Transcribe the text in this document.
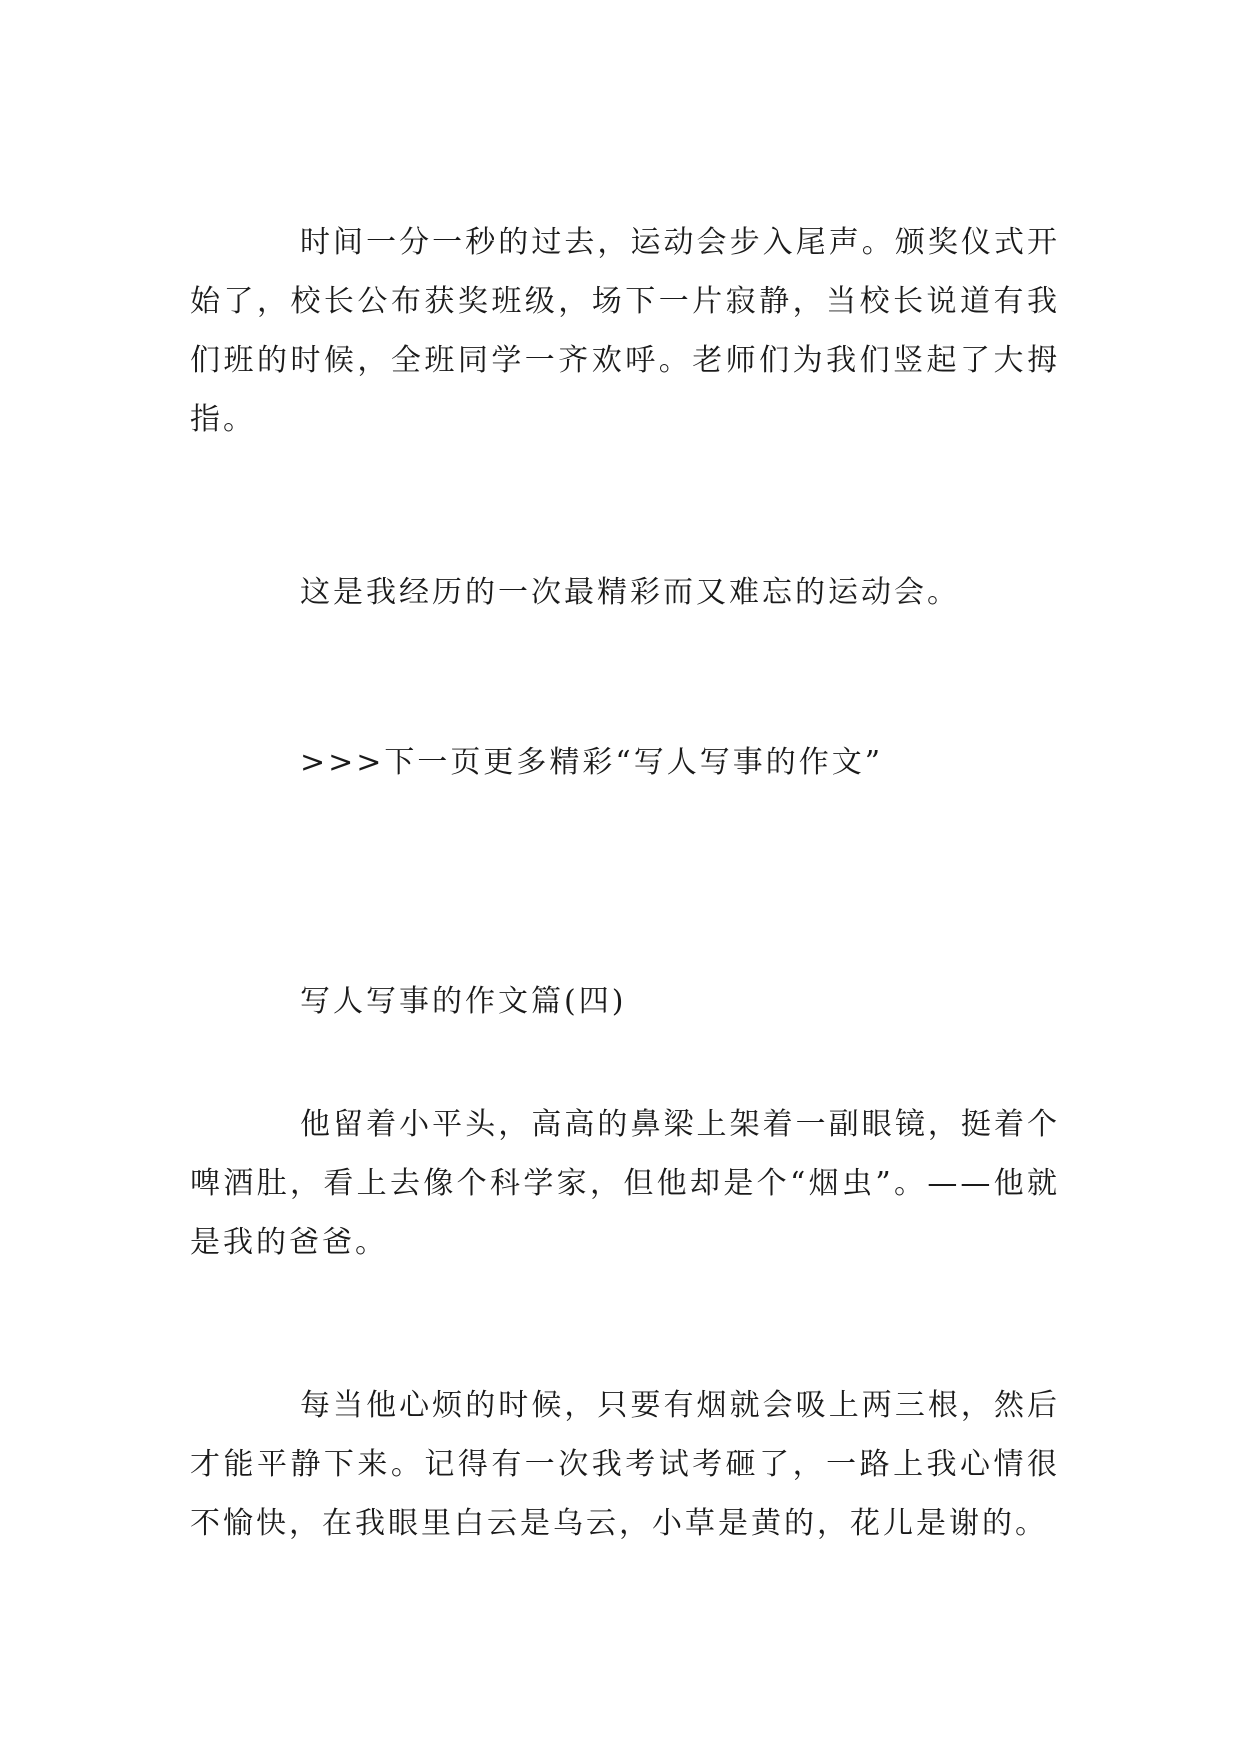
时间一分一秒的过去，运动会步入尾声。颁奖仪式开始了，校长公布获奖班级，场下一片寂静，当校长说道有我们班的时候，全班同学一齐欢呼。老师们为我们竖起了大拇指。

这是我经历的一次最精彩而又难忘的运动会。

>>>下一页更多精彩“写人写事的作文”

写人写事的作文篇(四)

他留着小平头，高高的鼻梁上架着一副眼镜，挺着个啤酒肚，看上去像个科学家，但他却是个“烟虫”。——他就是我的爸爸。

每当他心烦的时候，只要有烟就会吸上两三根，然后才能平静下来。记得有一次我考试考砸了，一路上我心情很不愉快，在我眼里白云是乌云，小草是黄的，花儿是谢的。
